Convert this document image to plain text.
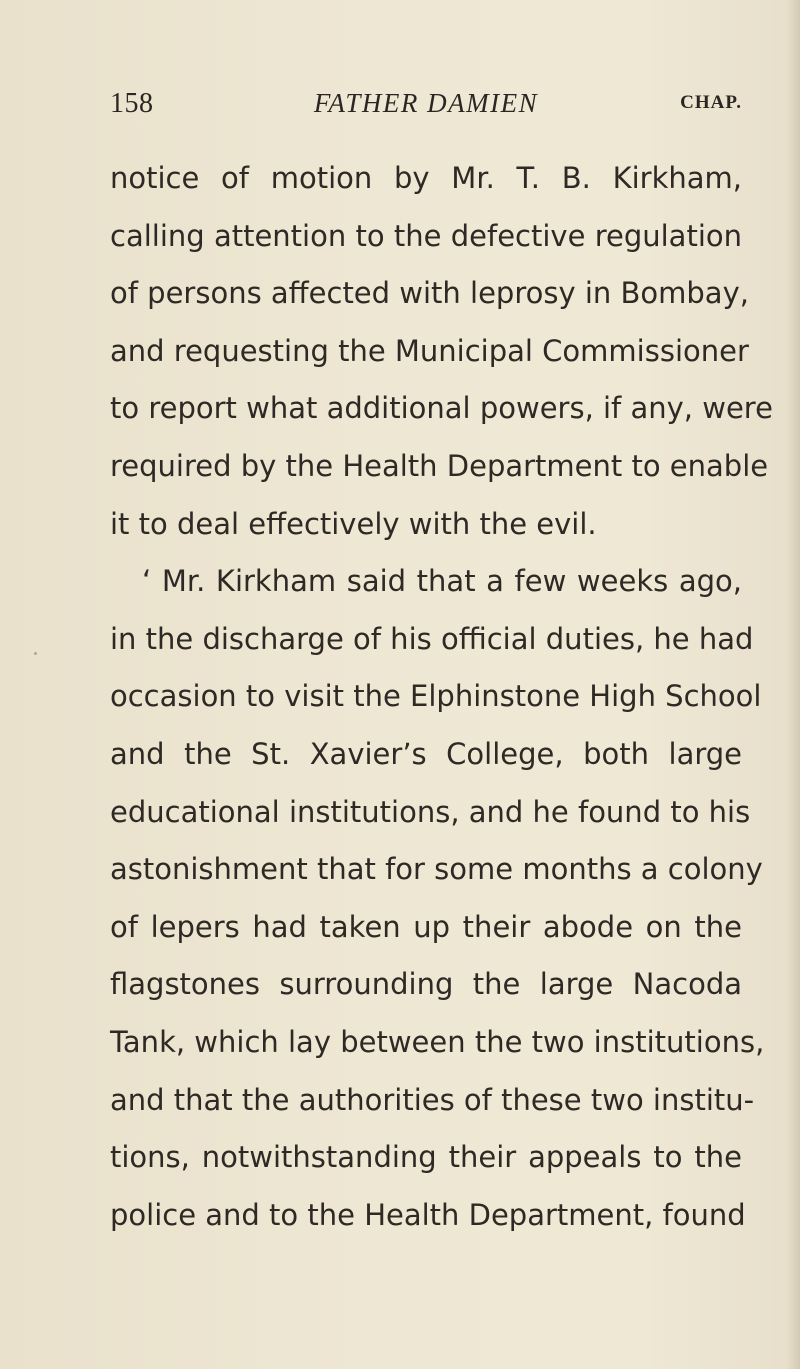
158	FATHER DAMIEN	CHAP.
notice of motion by Mr. T. B. Kirkham,
calling attention to the defective regulation
of persons affected with leprosy in Bombay,
and requesting the Municipal Commissioner
to report what additional powers, if any, were
required by the Health Department to enable
it to deal effectively with the evil.
‘ Mr. Kirkham said that a few weeks ago,
in the discharge of his official duties, he had
occasion to visit the Elphinstone High School
and the St. Xavier’s College, both large
educational institutions, and he found to his
astonishment that for some months a colony
of lepers had taken up their abode on the
flagstones surrounding the large Nacoda
Tank, which lay between the two institutions,
and that the authorities of these two institu-
tions, notwithstanding their appeals to the
police and to the Health Department, found
